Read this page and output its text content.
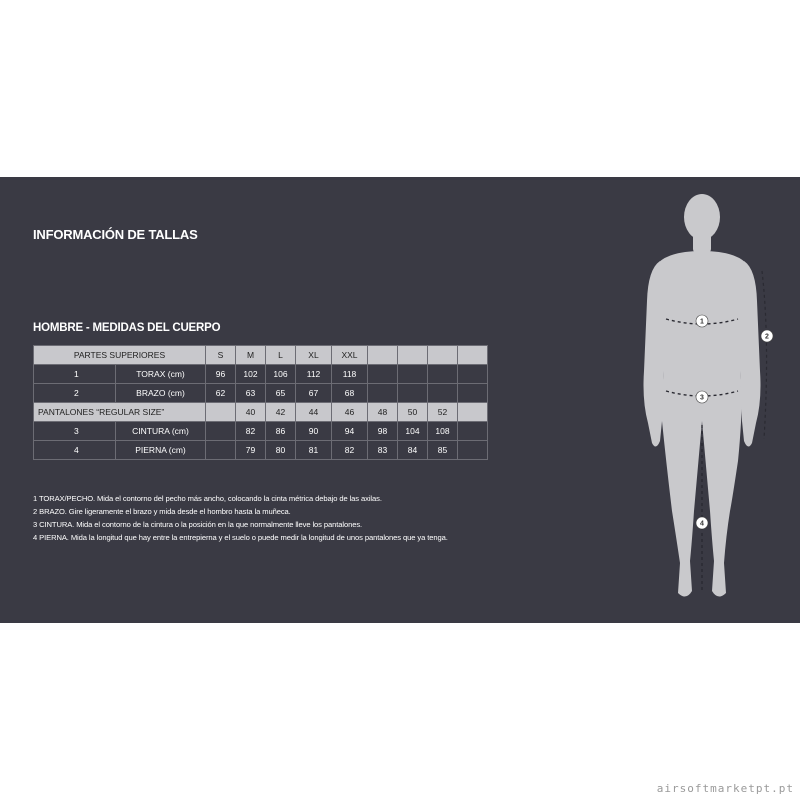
INFORMACIÓN DE TALLAS
HOMBRE - MEDIDAS DEL CUERPO
PARTES SUPERIORES		S	M	L	XL	XXL				
1	TORAX (cm)	96	102	106	112	118				
2	BRAZO (cm)	62	63	65	67	68				
PANTALONES “REGULAR SIZE”			40	42	44	46	48	50	52	
3	CINTURA (cm)		82	86	90	94	98	104	108	
4	PIERNA (cm)		79	80	81	82	83	84	85	
1 TORAX/PECHO. Mida el contorno del pecho más ancho, colocando la cinta métrica debajo de las axilas.
2 BRAZO. Gire ligeramente el brazo y mida desde el hombro hasta la muñeca.
3 CINTURA. Mida el contorno de la cintura o la posición en la que normalmente lleve los pantalones.
4 PIERNA. Mida la longitud que hay entre la entrepierna y el suelo o puede medir la longitud de unos pantalones que ya tenga.
1
2
3
4
airsoftmarketpt.pt
